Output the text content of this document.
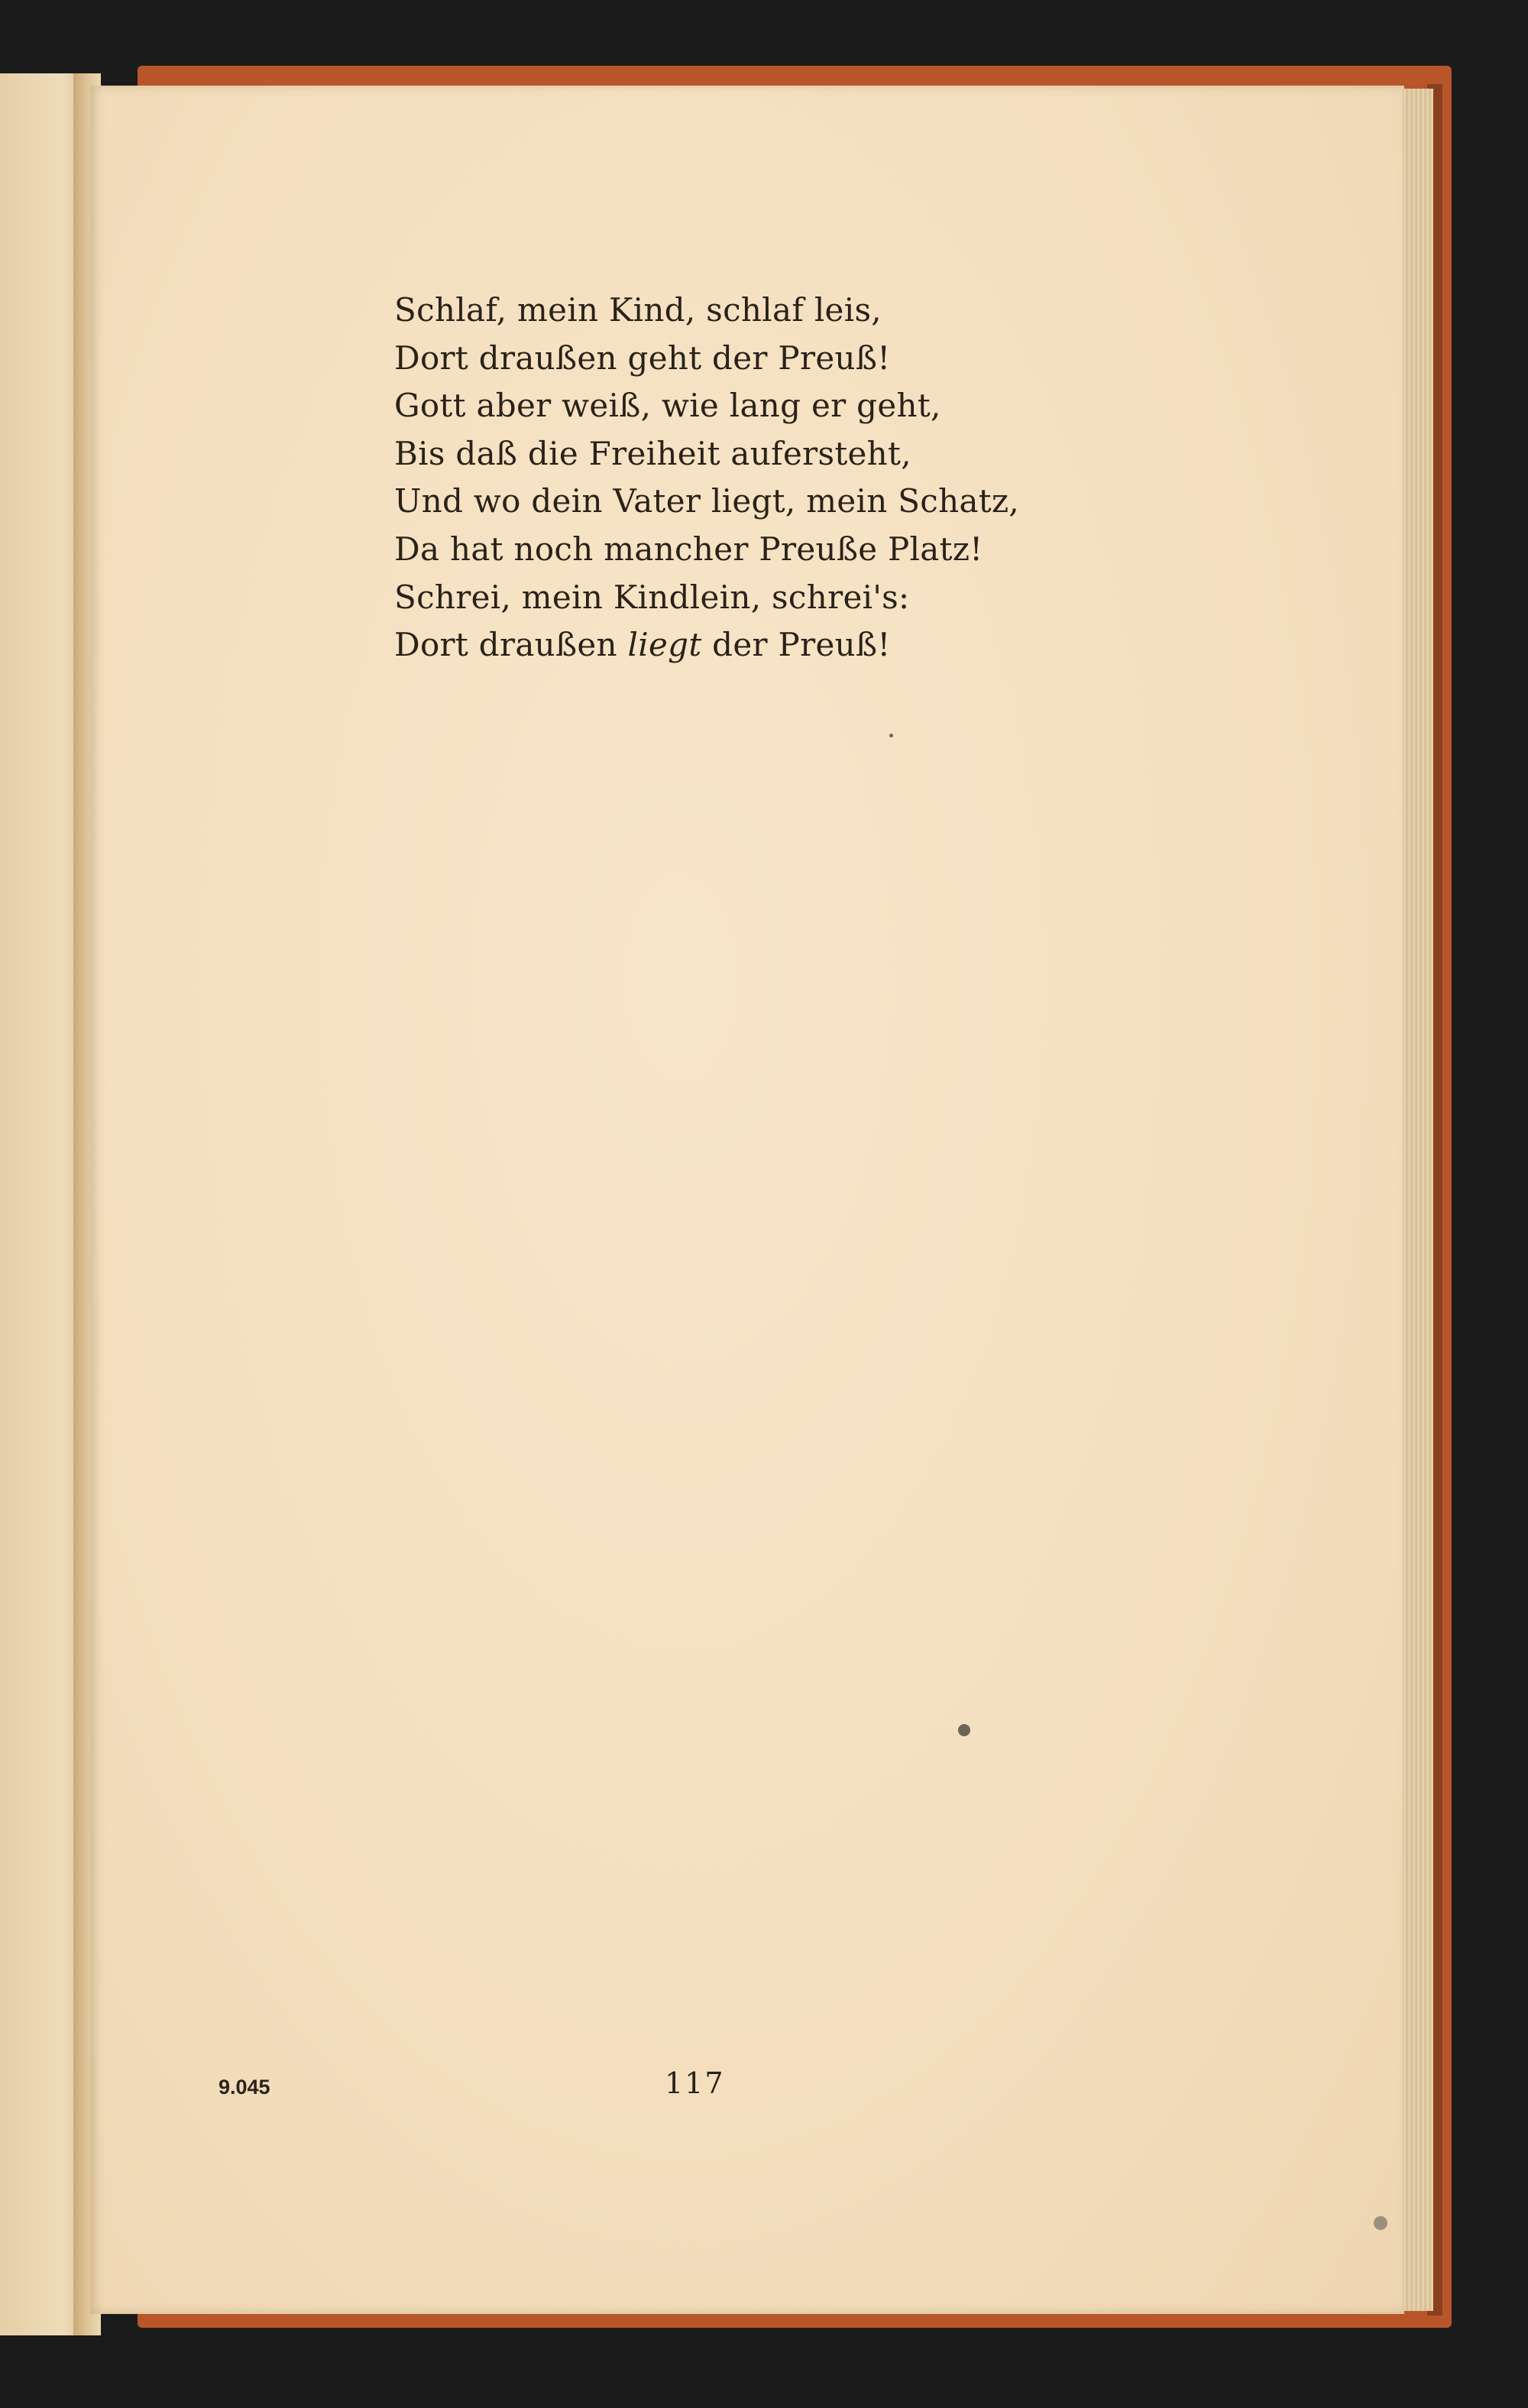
Schlaf, mein Kind, schlaf leis,
Dort draußen geht der Preuß!
Gott aber weiß, wie lang er geht,
Bis daß die Freiheit aufersteht,
Und wo dein Vater liegt, mein Schatz,
Da hat noch mancher Preuße Platz!
Schrei, mein Kindlein, schrei's:
Dort draußen liegt der Preuß!
9.045	117
